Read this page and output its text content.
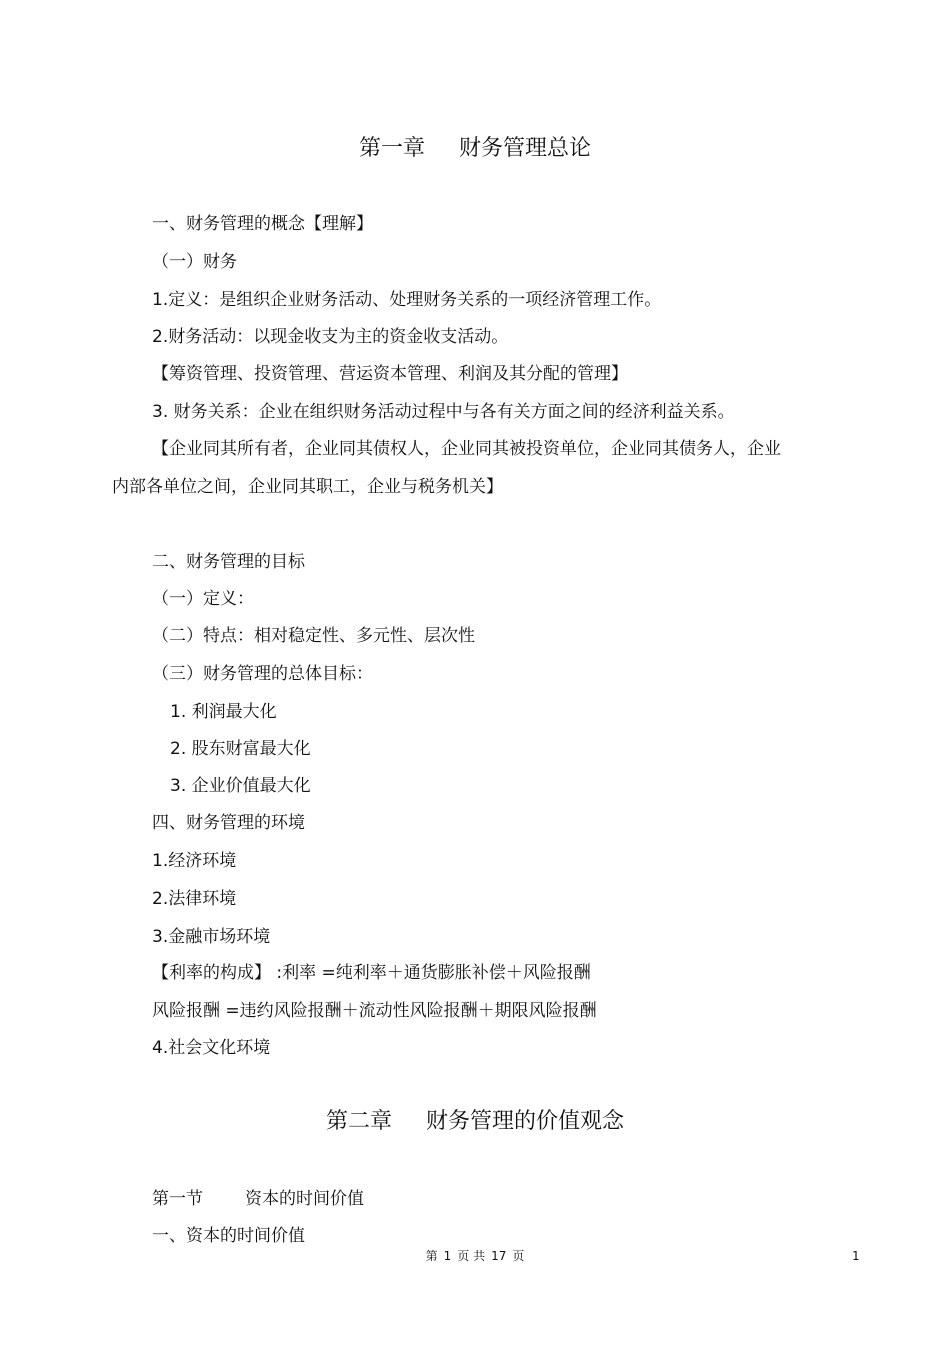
第一章 财务管理总论
一、财务管理的概念【理解】
（一）财务
1.定义：是组织企业财务活动、处理财务关系的一项经济管理工作。
2.财务活动：以现金收支为主的资金收支活动。
【筹资管理、投资管理、营运资本管理、利润及其分配的管理】
3. 财务关系：企业在组织财务活动过程中与各有关方面之间的经济利益关系。
【企业同其所有者，企业同其债权人，企业同其被投资单位，企业同其债务人，企业
内部各单位之间，企业同其职工，企业与税务机关】
二、财务管理的目标
（一）定义：
（二）特点：相对稳定性、多元性、层次性
（三）财务管理的总体目标：
1. 利润最大化
2. 股东财富最大化
3. 企业价值最大化
四、财务管理的环境
1.经济环境
2.法律环境
3.金融市场环境
【利率的构成】 :利率 =纯利率＋通货膨胀补偿＋风险报酬
风险报酬 =违约风险报酬＋流动性风险报酬＋期限风险报酬
4.社会文化环境
第二章 财务管理的价值观念
第一节 资本的时间价值
一、资本的时间价值
第 1 页 共 17 页	1
